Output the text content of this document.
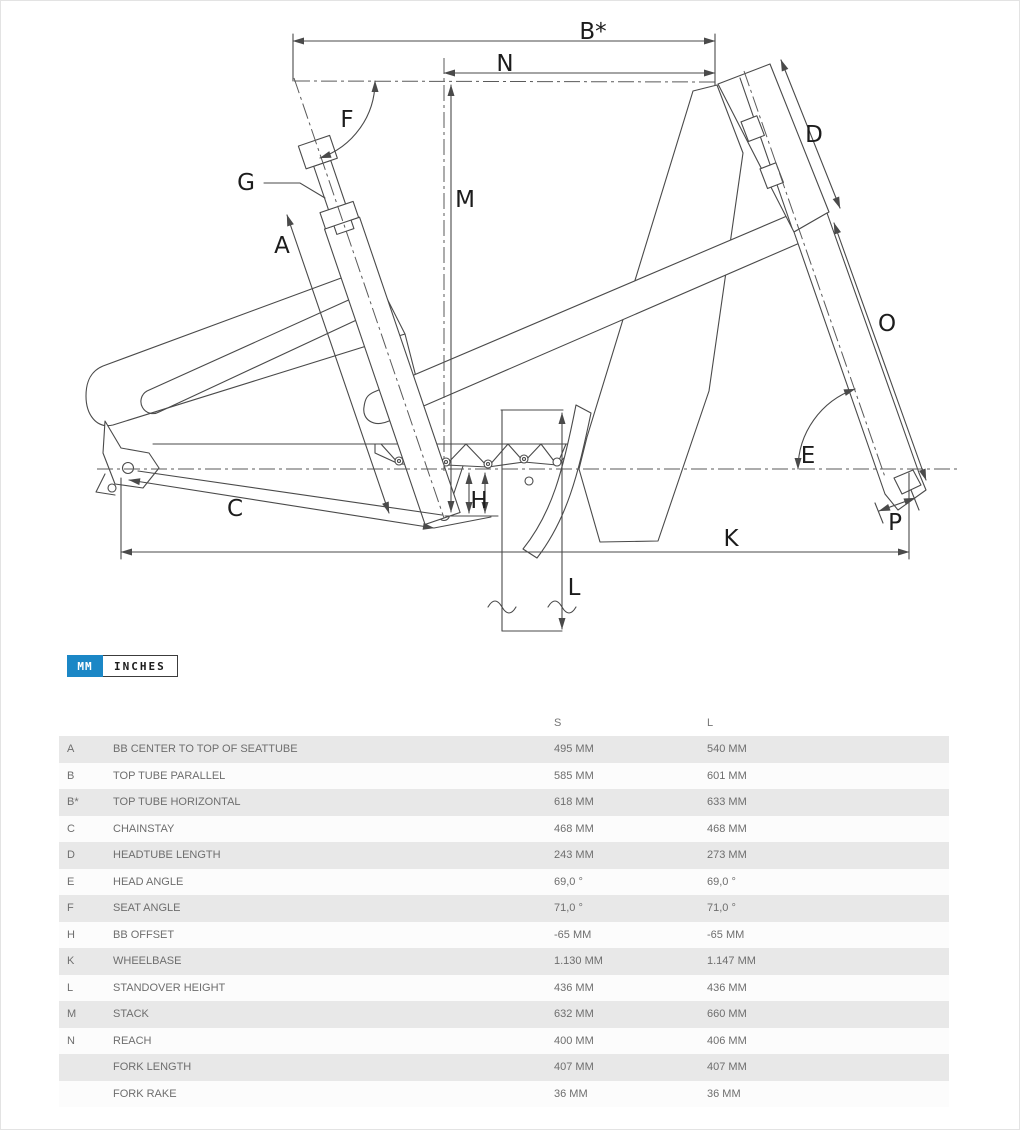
B*
N
F
G
M
A
D
O
E
H
C
K
L
P
MM	INCHES
		S	L
A	BB CENTER TO TOP OF SEATTUBE	495 MM	540 MM
B	TOP TUBE PARALLEL	585 MM	601 MM
B*	TOP TUBE HORIZONTAL	618 MM	633 MM
C	CHAINSTAY	468 MM	468 MM
D	HEADTUBE LENGTH	243 MM	273 MM
E	HEAD ANGLE	69,0 °	69,0 °
F	SEAT ANGLE	71,0 °	71,0 °
H	BB OFFSET	-65 MM	-65 MM
K	WHEELBASE	1.130 MM	1.147 MM
L	STANDOVER HEIGHT	436 MM	436 MM
M	STACK	632 MM	660 MM
N	REACH	400 MM	406 MM
	FORK LENGTH	407 MM	407 MM
	FORK RAKE	36 MM	36 MM
